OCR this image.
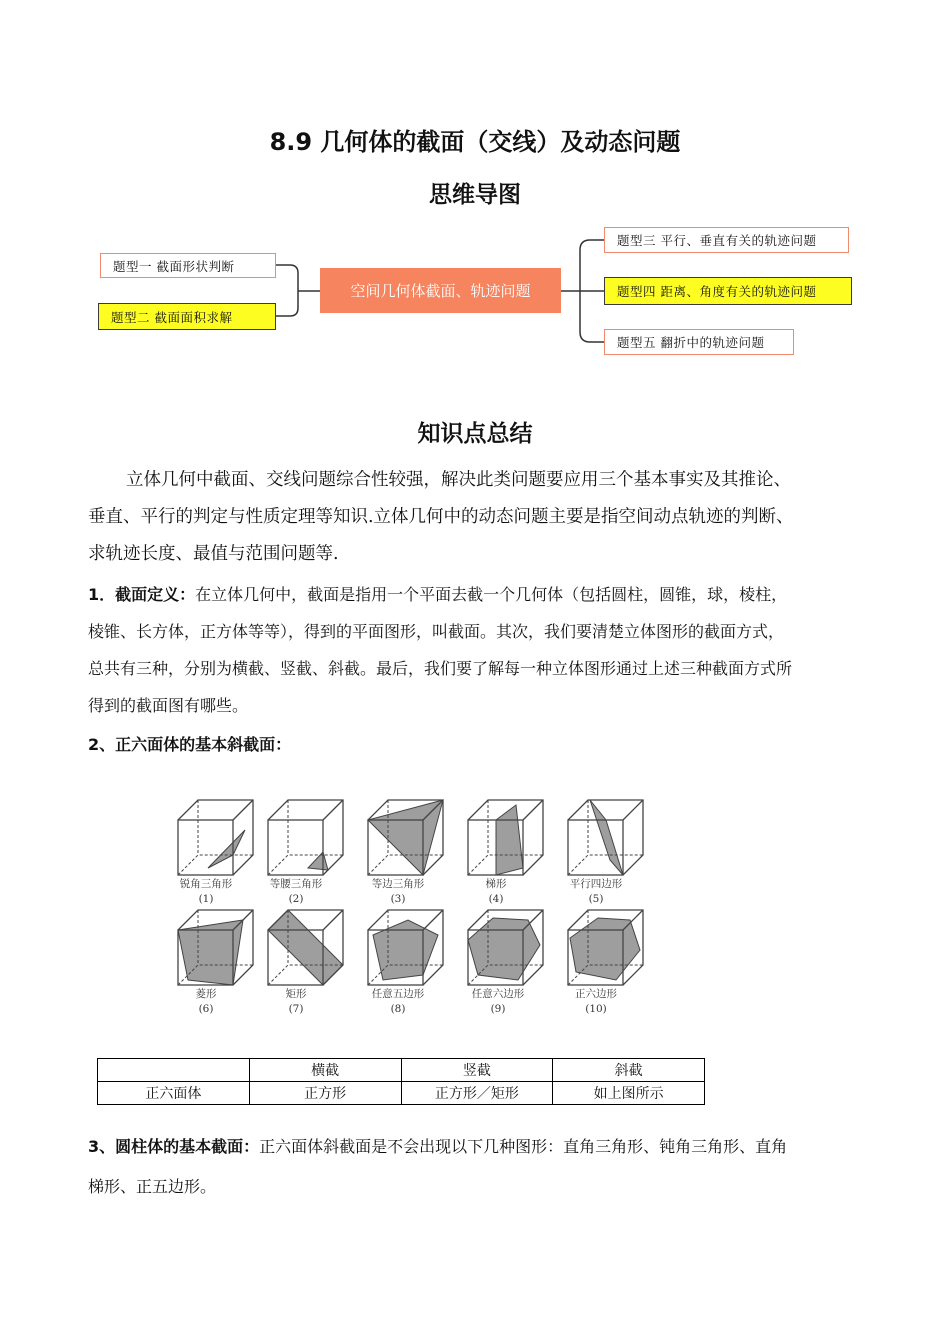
8.9 几何体的截面（交线）及动态问题
思维导图
空间几何体截面、轨迹问题
题型一 截面形状判断
题型二 截面面积求解
题型三 平行、垂直有关的轨迹问题
题型四 距离、角度有关的轨迹问题
题型五 翻折中的轨迹问题
知识点总结

立体几何中截面、交线问题综合性较强，解决此类问题要应用三个基本事实及其推论、

垂直、平行的判定与性质定理等知识.立体几何中的动态问题主要是指空间动点轨迹的判断、

求轨迹长度、最值与范围问题等.

1．截面定义：在立体几何中，截面是指用一个平面去截一个几何体（包括圆柱，圆锥，球，棱柱，
棱锥、长方体，正方体等等），得到的平面图形，叫截面。其次，我们要清楚立体图形的截面方式，
总共有三种，分别为横截、竖截、斜截。最后，我们要了解每一种立体图形通过上述三种截面方式所
得到的截面图有哪些。
2、正六面体的基本斜截面：
锐角三角形
(1)
等腰三角形
(2)
等边三角形
(3)
梯形
(4)
平行四边形
(5)
菱形
(6)
矩形
(7)
任意五边形
(8)
任意六边形
(9)
正六边形
(10)
	横截	竖截	斜截
正六面体	正方形	正方形／矩形	如上图所示
3、圆柱体的基本截面：正六面体斜截面是不会出现以下几种图形：直角三角形、钝角三角形、直角
梯形、正五边形。
